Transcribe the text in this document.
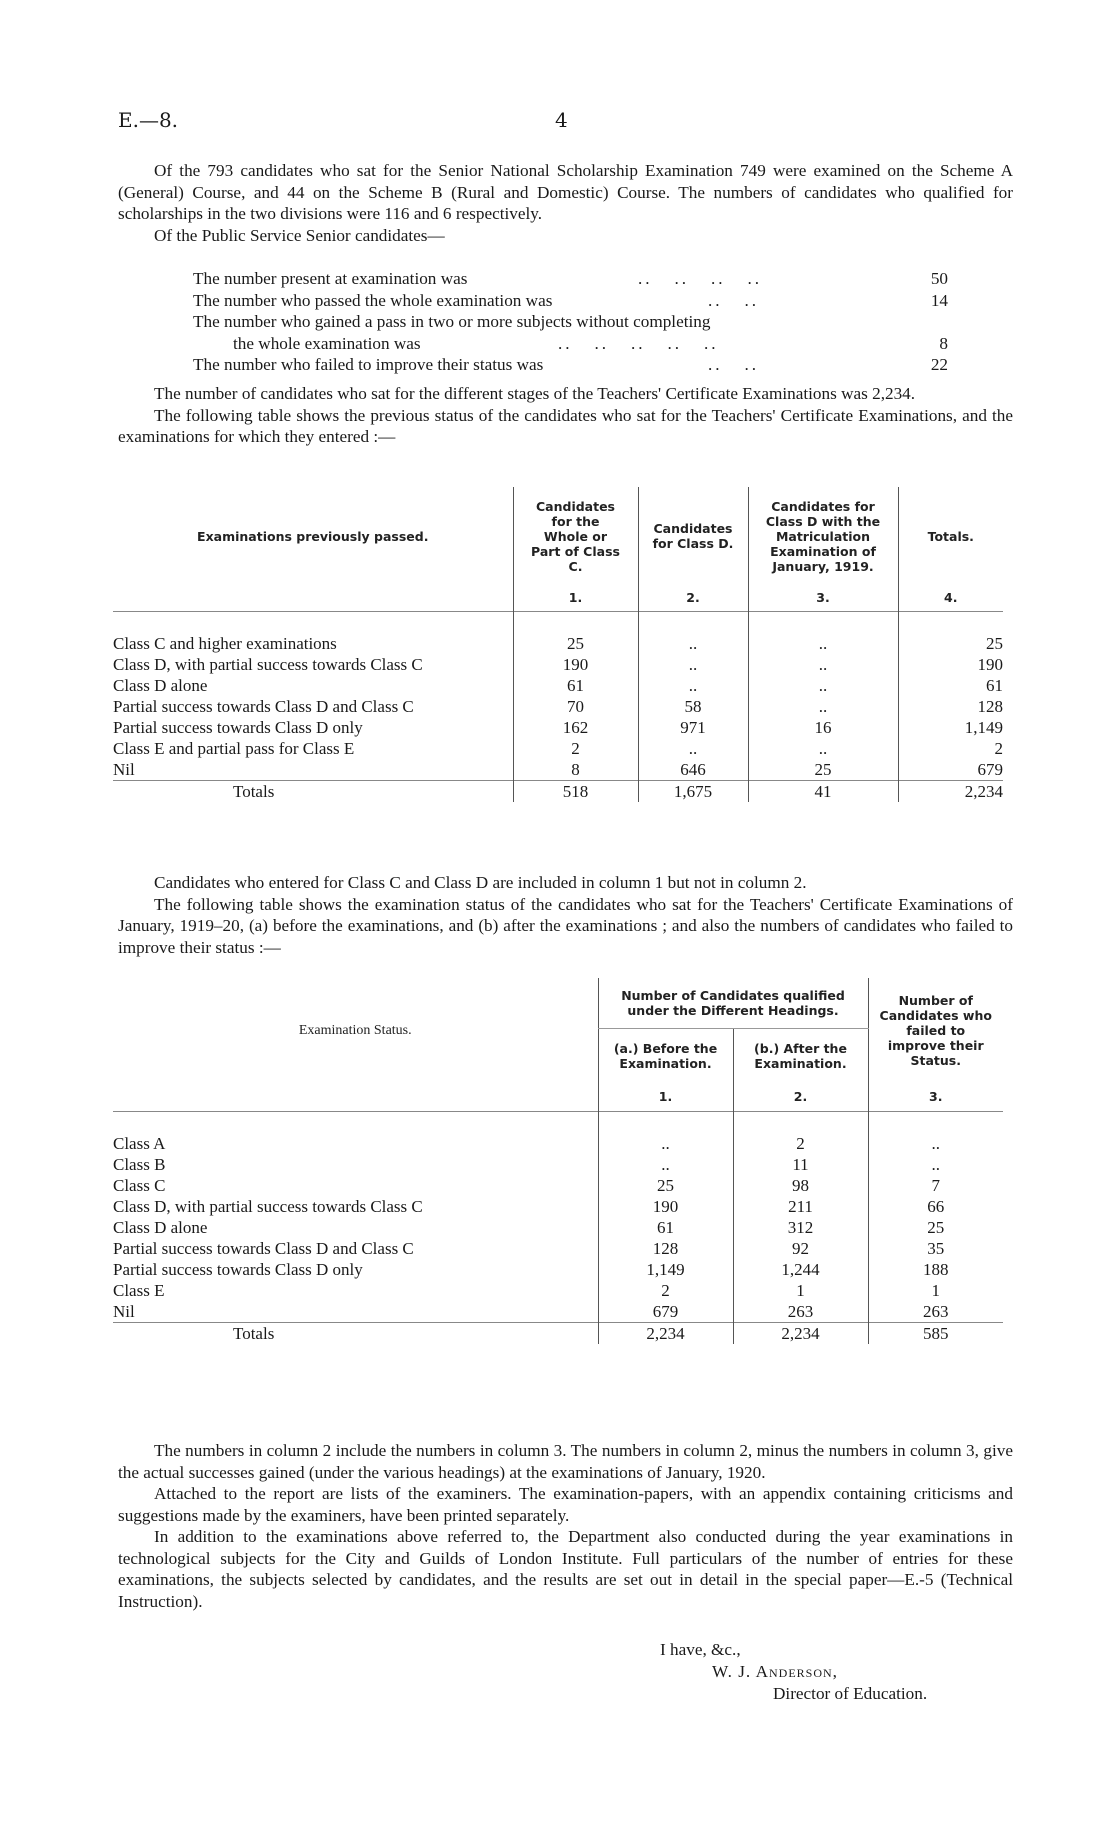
E.—8.	4

Of the 793 candidates who sat for the Senior National Scholarship Examination 749 were examined on the Scheme A (General) Course, and 44 on the Scheme B (Rural and Domestic) Course. The numbers of candidates who qualified for scholarships in the two divisions were 116 and 6 respectively.

Of the Public Service Senior candidates—

The number present at examination was	..   ..   ..   ..	50
The number who passed the whole examination was	..   ..	14
The number who gained a pass in two or more subjects without completing
the whole examination was	..   ..   ..   ..   ..	8
The number who failed to improve their status was	..   ..	22

The number of candidates who sat for the different stages of the Teachers' Certificate Examinations was 2,234.

The following table shows the previous status of the candidates who sat for the Teachers' Certificate Examinations, and the examinations for which they entered :—

Examinations previously passed.	Candidates for the Whole or Part of Class C.	Candidates for Class D.	Candidates for Class D with the Matriculation Examination of January, 1919.	Totals.
	1.	2.	3.	4.

Class C and higher examinations	25	..	..	25
Class D, with partial success towards Class C	190	..	..	190
Class D alone	61	..	..	61
Partial success towards Class D and Class C	70	58	..	128
Partial success towards Class D only	162	971	16	1,149
Class E and partial pass for Class E	2	..	..	2
Nil	8	646	25	679
Totals	518	1,675	41	2,234

Candidates who entered for Class C and Class D are included in column 1 but not in column 2.

The following table shows the examination status of the candidates who sat for the Teachers' Certificate Examinations of January, 1919–20, (a) before the examinations, and (b) after the examinations ; and also the numbers of candidates who failed to improve their status :—

Examination Status.	Number of Candidates qualified under the Different Headings.		Number of Candidates who failed to improve their Status.
	(a.) Before the Examination.	(b.) After the Examination.	
	1.	2.	3.

Class A	..	2	..
Class B	..	11	..
Class C	25	98	7
Class D, with partial success towards Class C	190	211	66
Class D alone	61	312	25
Partial success towards Class D and Class C	128	92	35
Partial success towards Class D only	1,149	1,244	188
Class E	2	1	1
Nil	679	263	263
Totals	2,234	2,234	585

The numbers in column 2 include the numbers in column 3. The numbers in column 2, minus the numbers in column 3, give the actual successes gained (under the various headings) at the examinations of January, 1920.

Attached to the report are lists of the examiners. The examination-papers, with an appendix containing criticisms and suggestions made by the examiners, have been printed separately.

In addition to the examinations above referred to, the Department also conducted during the year examinations in technological subjects for the City and Guilds of London Institute. Full particulars of the number of entries for these examinations, the subjects selected by candidates, and the results are set out in detail in the special paper—E.-5 (Technical Instruction).

I have, &c.,
W. J. Anderson,
Director of Education.
